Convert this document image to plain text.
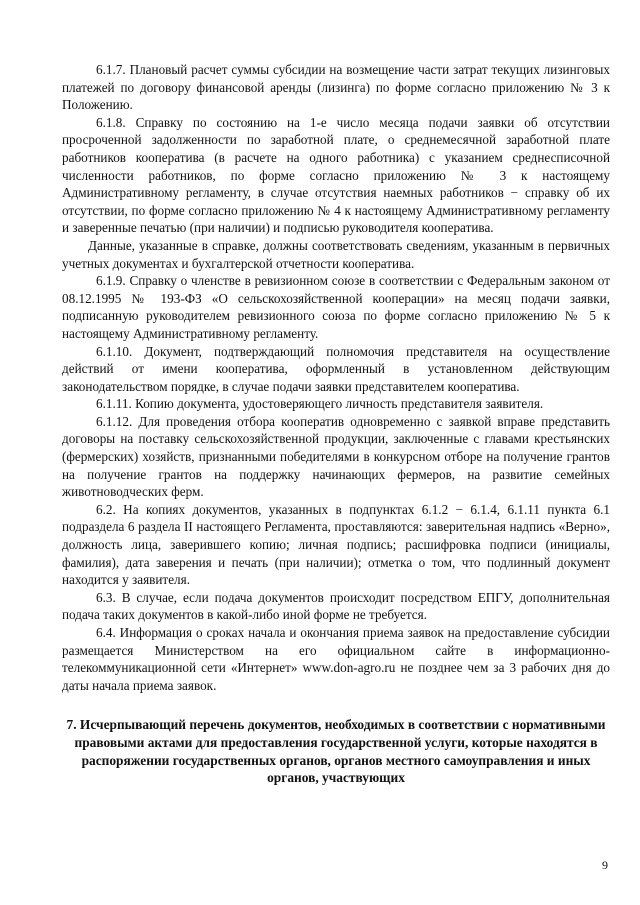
6.1.7. Плановый расчет суммы субсидии на возмещение части затрат текущих лизинговых платежей по договору финансовой аренды (лизинга) по форме согласно приложению № 3 к Положению.

6.1.8. Справку по состоянию на 1-е число месяца подачи заявки об отсутствии просроченной задолженности по заработной плате, о среднемесячной заработной плате работников кооператива (в расчете на одного работника) с указанием среднесписочной численности работников, по форме согласно приложению № 3 к настоящему Административному регламенту, в случае отсутствия наемных работников − справку об их отсутствии, по форме согласно приложению № 4 к настоящему Административному регламенту и заверенные печатью (при наличии) и подписью руководителя кооператива.

Данные, указанные в справке, должны соответствовать сведениям, указанным в первичных учетных документах и бухгалтерской отчетности кооператива.

6.1.9. Справку о членстве в ревизионном союзе в соответствии с Федеральным законом от 08.12.1995 № 193-ФЗ «О сельскохозяйственной кооперации» на месяц подачи заявки, подписанную руководителем ревизионного союза по форме согласно приложению № 5 к настоящему Административному регламенту.

6.1.10. Документ, подтверждающий полномочия представителя на осуществление действий от имени кооператива, оформленный в установленном действующим законодательством порядке, в случае подачи заявки представителем кооператива.

6.1.11. Копию документа, удостоверяющего личность представителя заявителя.

6.1.12. Для проведения отбора кооператив одновременно с заявкой вправе представить договоры на поставку сельскохозяйственной продукции, заключенные с главами крестьянских (фермерских) хозяйств, признанными победителями в конкурсном отборе на получение грантов на получение грантов на поддержку начинающих фермеров, на развитие семейных животноводческих ферм.

6.2. На копиях документов, указанных в подпунктах 6.1.2 − 6.1.4, 6.1.11 пункта 6.1 подраздела 6 раздела II настоящего Регламента, проставляются: заверительная надпись «Верно», должность лица, заверившего копию; личная подпись; расшифровка подписи (инициалы, фамилия), дата заверения и печать (при наличии); отметка о том, что подлинный документ находится у заявителя.

6.3. В случае, если подача документов происходит посредством ЕПГУ, дополнительная подача таких документов в какой-либо иной форме не требуется.

6.4. Информация о сроках начала и окончания приема заявок на предоставление субсидии размещается Министерством на его официальном сайте в информационно-телекоммуникационной сети «Интернет» www.don-agro.ru не позднее чем за 3 рабочих дня до даты начала приема заявок.

7. Исчерпывающий перечень документов, необходимых в соответствии с нормативными правовыми актами для предоставления государственной услуги, которые находятся в распоряжении государственных органов, органов местного самоуправления и иных органов, участвующих

9
